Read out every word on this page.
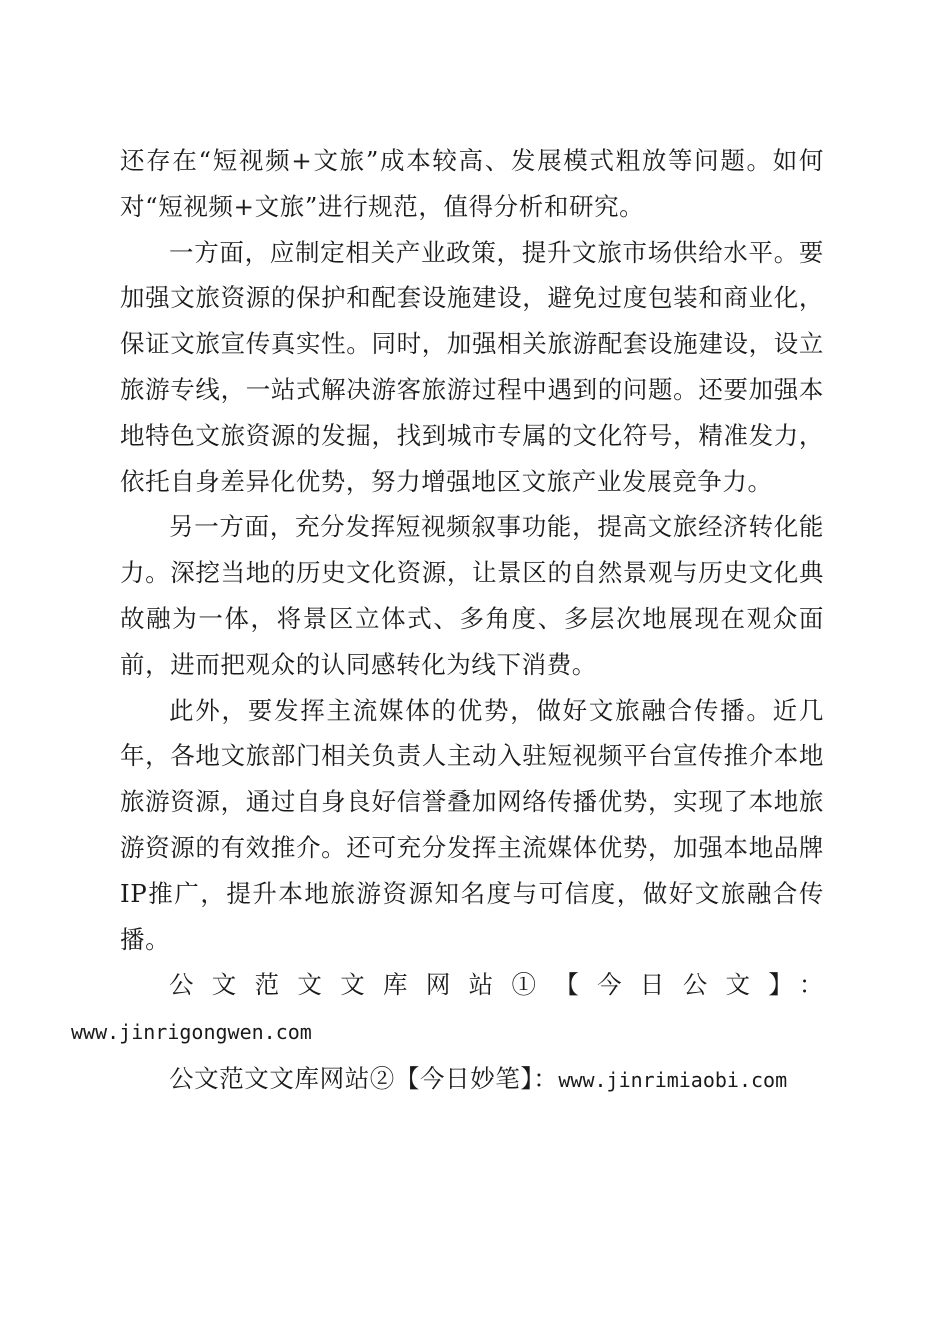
还存在“短视频+文旅”成本较高、发展模式粗放等问题。如何对“短视频+文旅”进行规范，值得分析和研究。

一方面，应制定相关产业政策，提升文旅市场供给水平。要加强文旅资源的保护和配套设施建设，避免过度包装和商业化，保证文旅宣传真实性。同时，加强相关旅游配套设施建设，设立旅游专线，一站式解决游客旅游过程中遇到的问题。还要加强本地特色文旅资源的发掘，找到城市专属的文化符号，精准发力，依托自身差异化优势，努力增强地区文旅产业发展竞争力。

另一方面，充分发挥短视频叙事功能，提高文旅经济转化能力。深挖当地的历史文化资源，让景区的自然景观与历史文化典故融为一体，将景区立体式、多角度、多层次地展现在观众面前，进而把观众的认同感转化为线下消费。

此外，要发挥主流媒体的优势，做好文旅融合传播。近几年，各地文旅部门相关负责人主动入驻短视频平台宣传推介本地旅游资源，通过自身良好信誉叠加网络传播优势，实现了本地旅游资源的有效推介。还可充分发挥主流媒体优势，加强本地品牌IP推广，提升本地旅游资源知名度与可信度，做好文旅融合传播。

公文范文文库网站①【今日公文】：
www.jinrigongwen.com

公文范文文库网站②【今日妙笔】：www.jinrimiaobi.com
